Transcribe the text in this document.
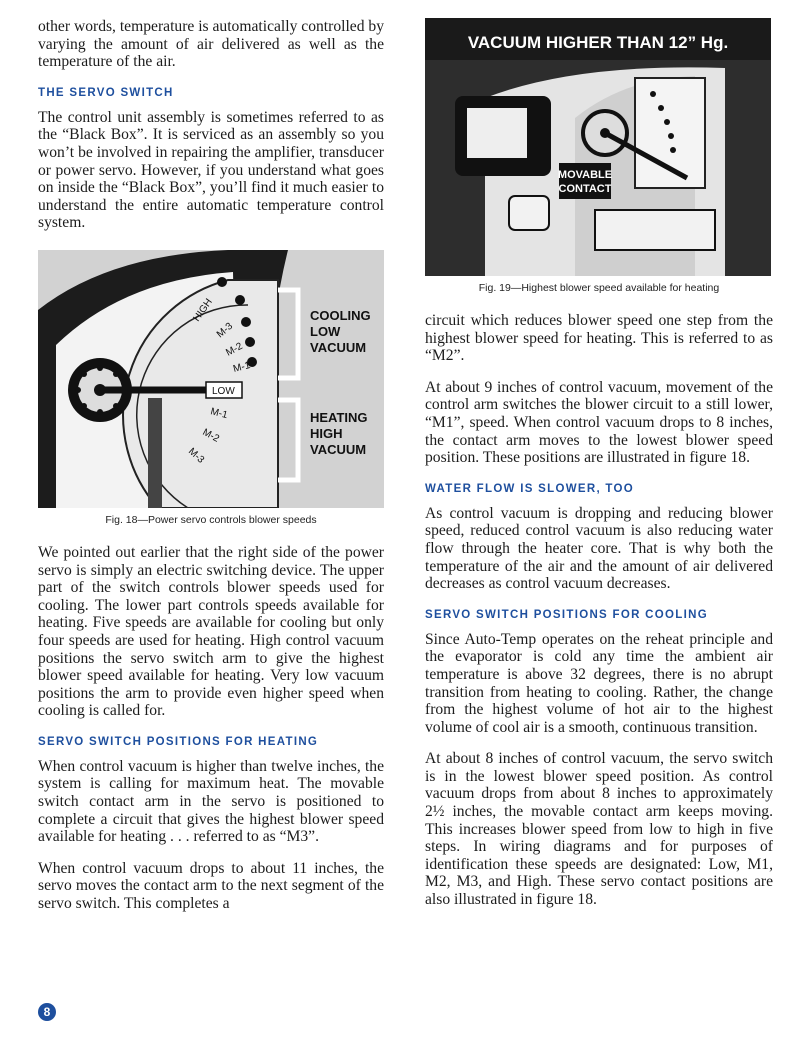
other words, temperature is automatically controlled by varying the amount of air delivered as well as the temperature of the air.

THE SERVO SWITCH

The control unit assembly is sometimes referred to as the “Black Box”. It is serviced as an assembly so you won’t be involved in repairing the amplifier, transducer or power servo. However, if you understand what goes on inside the “Black Box”, you’ll find it much easier to understand the entire automatic temperature control system.

HIGH
M-3
M-2
M-1
LOW
M-1
M-2
M-3
COOLING
LOW
VACUUM
HEATING
HIGH
VACUUM
Fig. 18—Power servo controls blower speeds

We pointed out earlier that the right side of the power servo is simply an electric switching device. The upper part of the switch controls blower speeds used for cooling. The lower part controls speeds available for heating. Five speeds are available for cooling but only four speeds are used for heating. High control vacuum positions the servo switch arm to give the highest blower speed available for heating. Very low vacuum positions the arm to provide even higher speed when cooling is called for.

SERVO SWITCH POSITIONS FOR HEATING

When control vacuum is higher than twelve inches, the system is calling for maximum heat. The movable switch contact arm in the servo is positioned to complete a circuit that gives the highest blower speed available for heating . . . referred to as “M3”.

When control vacuum drops to about 11 inches, the servo moves the contact arm to the next segment of the servo switch. This completes a

VACUUM HIGHER THAN 12” Hg.
MOVABLE
CONTACT
Fig. 19—Highest blower speed available for heating

circuit which reduces blower speed one step from the highest blower speed for heating. This is referred to as “M2”.

At about 9 inches of control vacuum, movement of the control arm switches the blower circuit to a still lower, “M1”, speed. When control vacuum drops to 8 inches, the contact arm moves to the lowest blower speed position. These positions are illustrated in figure 18.

WATER FLOW IS SLOWER, TOO

As control vacuum is dropping and reducing blower speed, reduced control vacuum is also reducing water flow through the heater core. That is why both the temperature of the air and the amount of air delivered decreases as control vacuum decreases.

SERVO SWITCH POSITIONS FOR COOLING

Since Auto-Temp operates on the reheat principle and the evaporator is cold any time the ambient air temperature is above 32 degrees, there is no abrupt transition from heating to cooling. Rather, the change from the highest volume of hot air to the highest volume of cool air is a smooth, continuous transition.

At about 8 inches of control vacuum, the servo switch is in the lowest blower speed position. As control vacuum drops from about 8 inches to approximately 2½ inches, the movable contact arm keeps moving. This increases blower speed from low to high in five steps. In wiring diagrams and for purposes of identification these speeds are designated: Low, M1, M2, M3, and High. These servo contact positions are also illustrated in figure 18.

8
